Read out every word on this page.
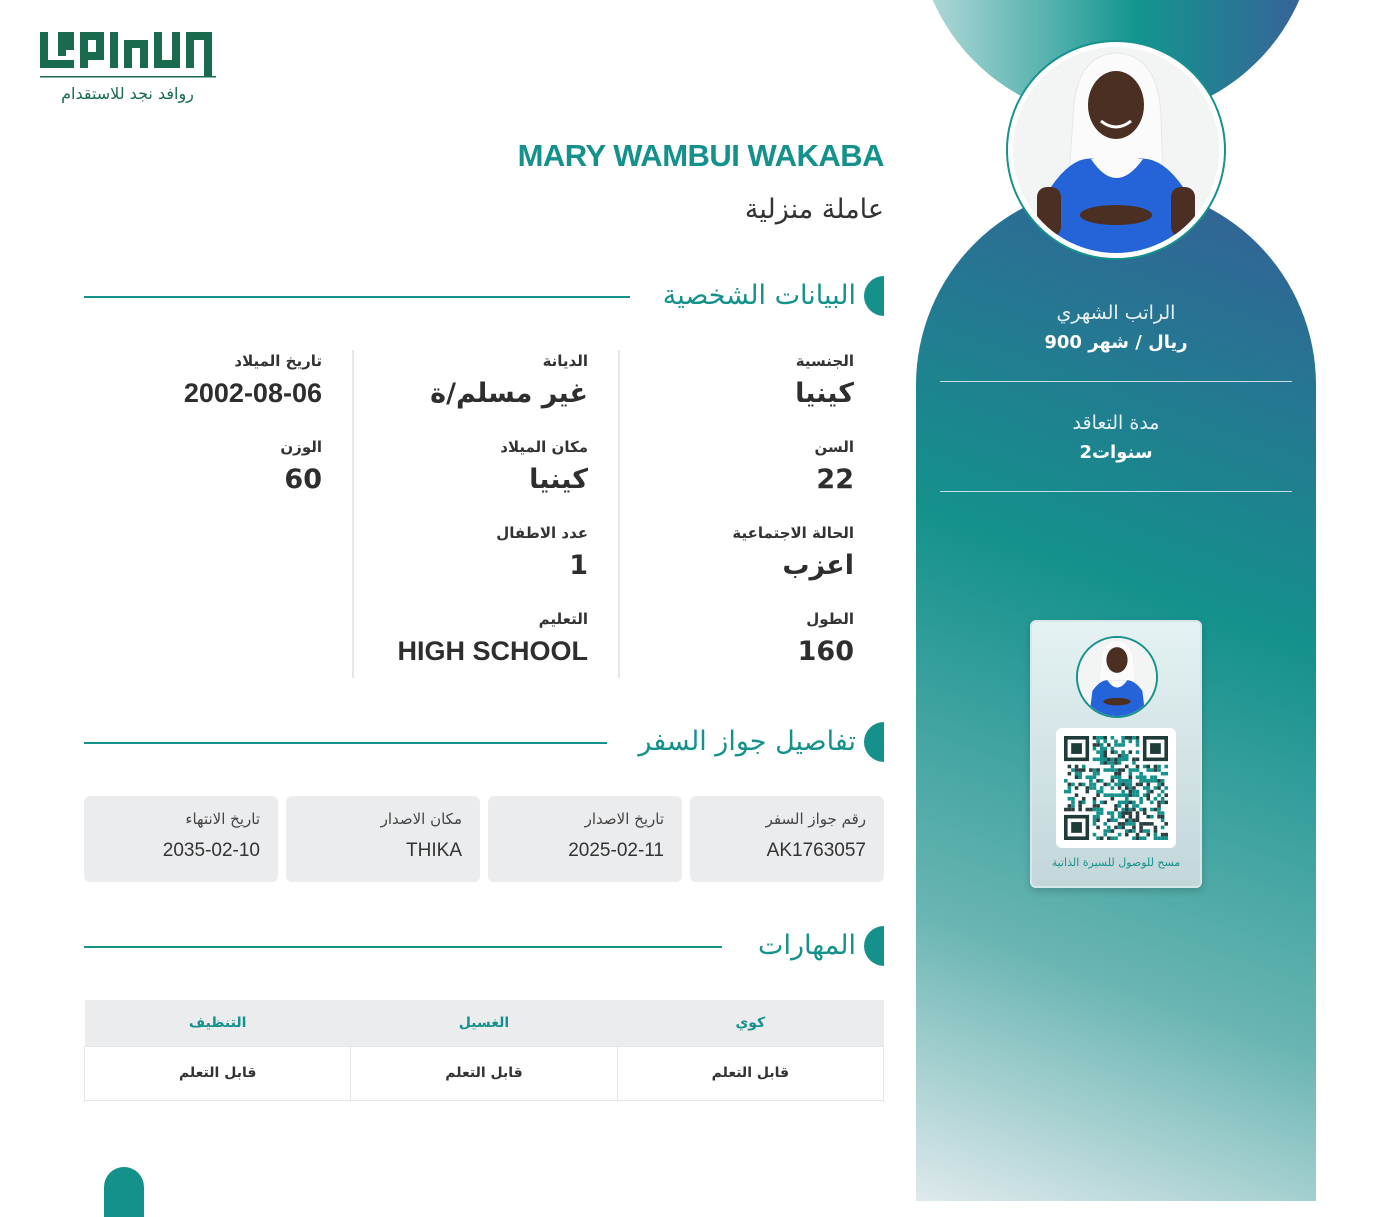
الراتب الشهري
900 ريال / شهر
مدة التعاقد
2سنوات
مسح للوصول للسيرة الذاتية
روافد نجد للاستقدام
MARY WAMBUI WAKABA
عاملة منزلية
البيانات الشخصية
الجنسية
كينيا
السن
22
الحالة الاجتماعية
اعزب
الطول
160
الديانة
غير مسلم/ة
مكان الميلاد
كينيا
عدد الاطفال
1
التعليم
HIGH SCHOOL
تاريخ الميلاد
2002-08-06
الوزن
60
تفاصيل جواز السفر
رقم جواز السفر
AK1763057
تاريخ الاصدار
2025-02-11
مكان الاصدار
THIKA
تاريخ الانتهاء
2035-02-10
المهارات
كوي	الغسيل	التنظيف
قابل التعلم	قابل التعلم	قابل التعلم
